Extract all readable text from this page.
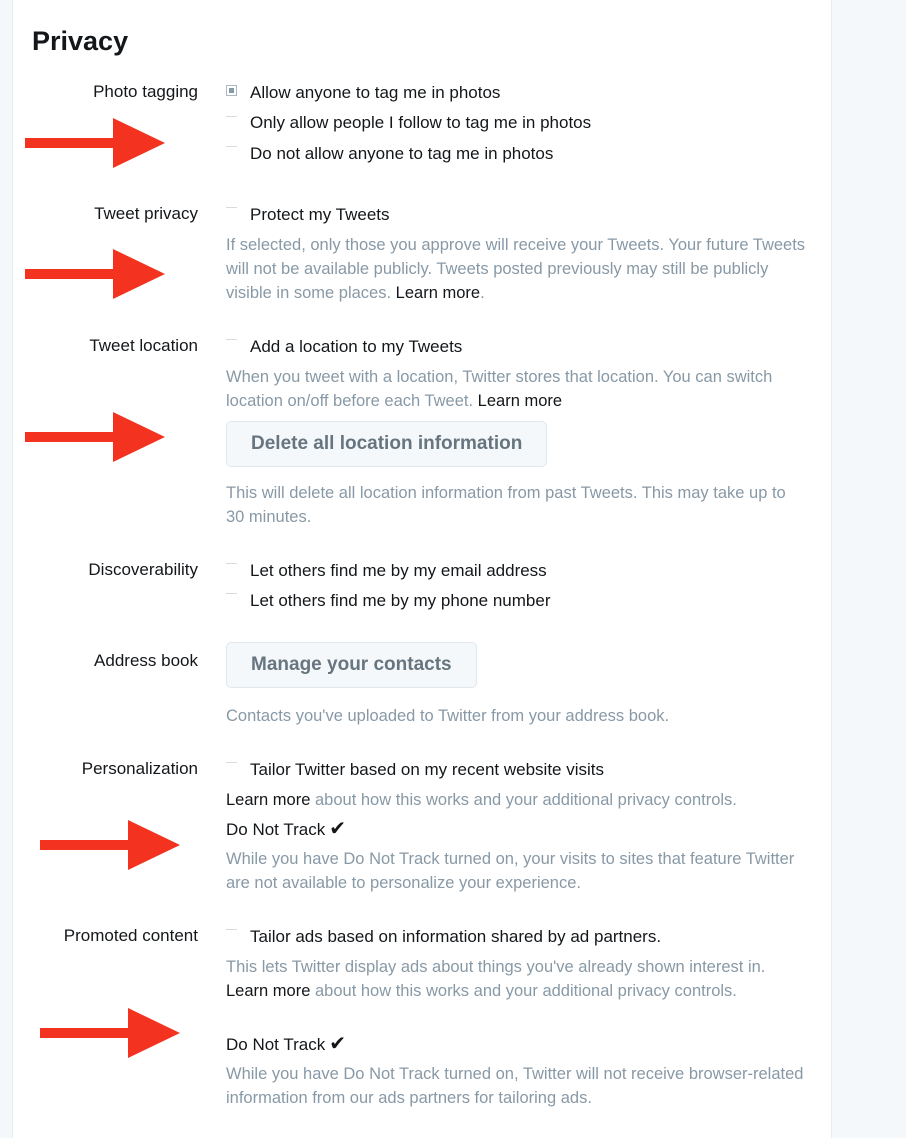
Privacy
Photo tagging	Allow anyone to tag me in photos
Only allow people I follow to tag me in photos
Do not allow anyone to tag me in photos
Tweet privacy	Protect my Tweets
If selected, only those you approve will receive your Tweets. Your future Tweets will not be available publicly. Tweets posted previously may still be publicly visible in some places. Learn more.
Tweet location	Add a location to my Tweets
When you tweet with a location, Twitter stores that location. You can switch location on/off before each Tweet. Learn more
Delete all location information
This will delete all location information from past Tweets. This may take up to 30 minutes.
Discoverability	Let others find me by my email address
Let others find me by my phone number
Address book	Manage your contacts
Contacts you've uploaded to Twitter from your address book.
Personalization	Tailor Twitter based on my recent website visits
Learn more about how this works and your additional privacy controls.
Do Not Track ✔
While you have Do Not Track turned on, your visits to sites that feature Twitter are not available to personalize your experience.
Promoted content	Tailor ads based on information shared by ad partners.
This lets Twitter display ads about things you've already shown interest in. Learn more about how this works and your additional privacy controls.
Do Not Track ✔
While you have Do Not Track turned on, Twitter will not receive browser-related information from our ads partners for tailoring ads.
